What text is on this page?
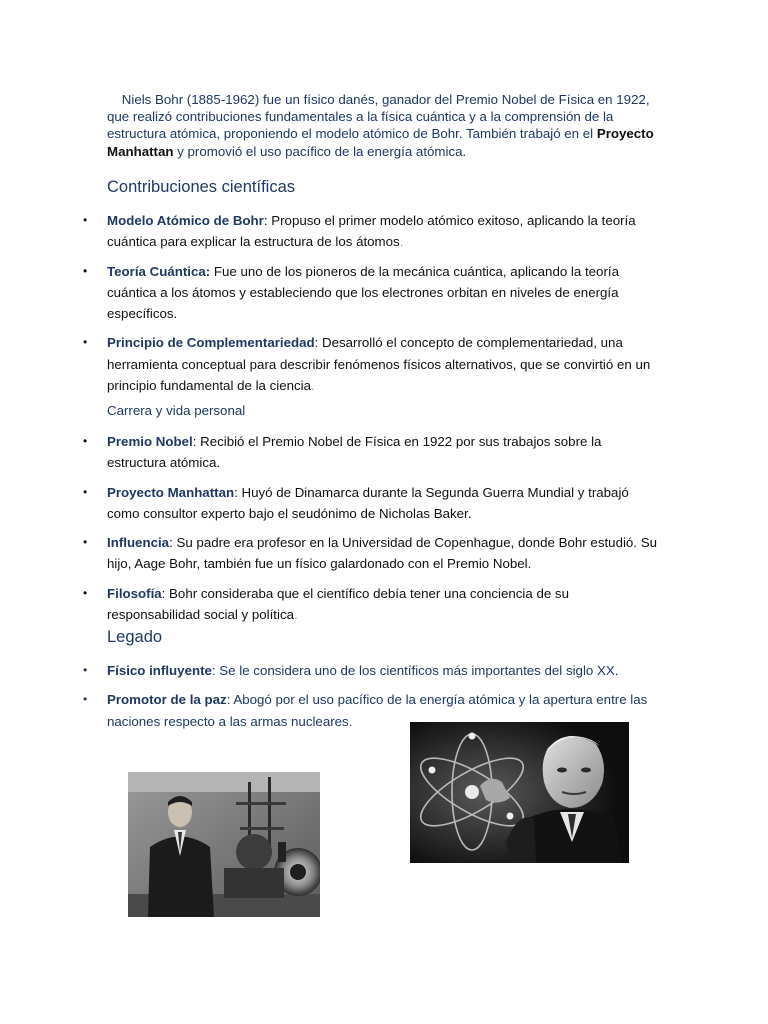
Niels Bohr (1885-1962) fue un físico danés, ganador del Premio Nobel de Física en 1922, que realizó contribuciones fundamentales a la física cuántica y a la comprensión de la estructura atómica, proponiendo el modelo atómico de Bohr. También trabajó en el Proyecto Manhattan y promovió el uso pacífico de la energía atómica.

Contribuciones científicas
• Modelo Atómico de Bohr: Propuso el primer modelo atómico exitoso, aplicando la teoría cuántica para explicar la estructura de los átomos.
• Teoría Cuántica: Fue uno de los pioneros de la mecánica cuántica, aplicando la teoría cuántica a los átomos y estableciendo que los electrones orbitan en niveles de energía específicos.
• Principio de Complementariedad: Desarrolló el concepto de complementariedad, una herramienta conceptual para describir fenómenos físicos alternativos, que se convirtió en un principio fundamental de la ciencia.
Carrera y vida personal
• Premio Nobel: Recibió el Premio Nobel de Física en 1922 por sus trabajos sobre la estructura atómica.
• Proyecto Manhattan: Huyó de Dinamarca durante la Segunda Guerra Mundial y trabajó como consultor experto bajo el seudónimo de Nicholas Baker.
• Influencia: Su padre era profesor en la Universidad de Copenhague, donde Bohr estudió. Su hijo, Aage Bohr, también fue un físico galardonado con el Premio Nobel.
• Filosofía: Bohr consideraba que el científico debía tener una conciencia de su responsabilidad social y política.
Legado
• Físico influyente: Se le considera uno de los científicos más importantes del siglo XX.
• Promotor de la paz: Abogó por el uso pacífico de la energía atómica y la apertura entre las naciones respecto a las armas nucleares.
